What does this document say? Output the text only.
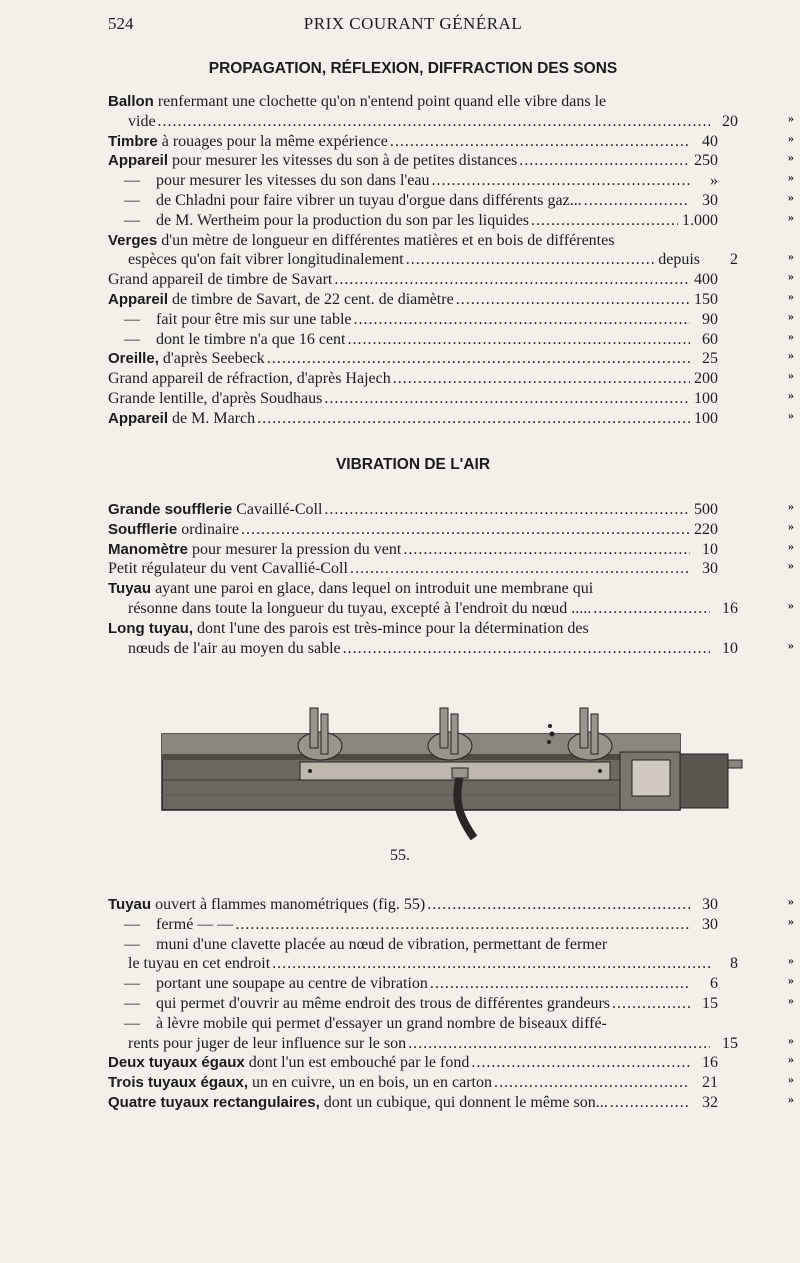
524	PRIX COURANT GÉNÉRAL
PROPAGATION, RÉFLEXION, DIFFRACTION DES SONS
Ballon renfermant une clochette qu'on n'entend point quand elle vibre dans le
vide .....	20	»
Timbre à rouages pour la même expérience .....	40	»
Appareil pour mesurer les vitesses du son à de petites distances .....	250	»
— pour mesurer les vitesses du son dans l'eau .....	»	»
— de Chladni pour faire vibrer un tuyau d'orgue dans différents gaz... .....	30	»
— de M. Wertheim pour la production du son par les liquides .....	1.000	»
Verges d'un mètre de longueur en différentes matières et en bois de différentes
espèces qu'on fait vibrer longitudinalement .....	depuis	2	»
Grand appareil de timbre de Savart .....	400	»
Appareil de timbre de Savart, de 22 cent. de diamètre .....	150	»
— fait pour être mis sur une table .....	90	»
— dont le timbre n'a que 16 cent .....	60	»
Oreille, d'après Seebeck .....	25	»
Grand appareil de réfraction, d'après Hajech .....	200	»
Grande lentille, d'après Soudhaus .....	100	»
Appareil de M. March .....	100	»
VIBRATION DE L'AIR
Grande soufflerie Cavaillé-Coll .....	500	»
Soufflerie ordinaire .....	220	»
Manomètre pour mesurer la pression du vent .....	10	»
Petit régulateur du vent Cavallié-Coll .....	30	»
Tuyau ayant une paroi en glace, dans lequel on introduit une membrane qui
résonne dans toute la longueur du tuyau, excepté à l'endroit du nœud ..... .....	16	»
Long tuyau, dont l'une des parois est très-mince pour la détermination des
nœuds de l'air au moyen du sable .....	10	»
55.
Tuyau ouvert à flammes manométriques (fig. 55) .....	30	»
— fermé — — .....	30	»
— muni d'une clavette placée au nœud de vibration, permettant de fermer
le tuyau en cet endroit .....	8	»
— portant une soupape au centre de vibration .....	6	»
— qui permet d'ouvrir au même endroit des trous de différentes grandeurs .....	15	»
— à lèvre mobile qui permet d'essayer un grand nombre de biseaux diffé-
rents pour juger de leur influence sur le son .....	15	»
Deux tuyaux égaux dont l'un est embouché par le fond .....	16	»
Trois tuyaux égaux, un en cuivre, un en bois, un en carton .....	21	»
Quatre tuyaux rectangulaires, dont un cubique, qui donnent le même son... .....	32	»
